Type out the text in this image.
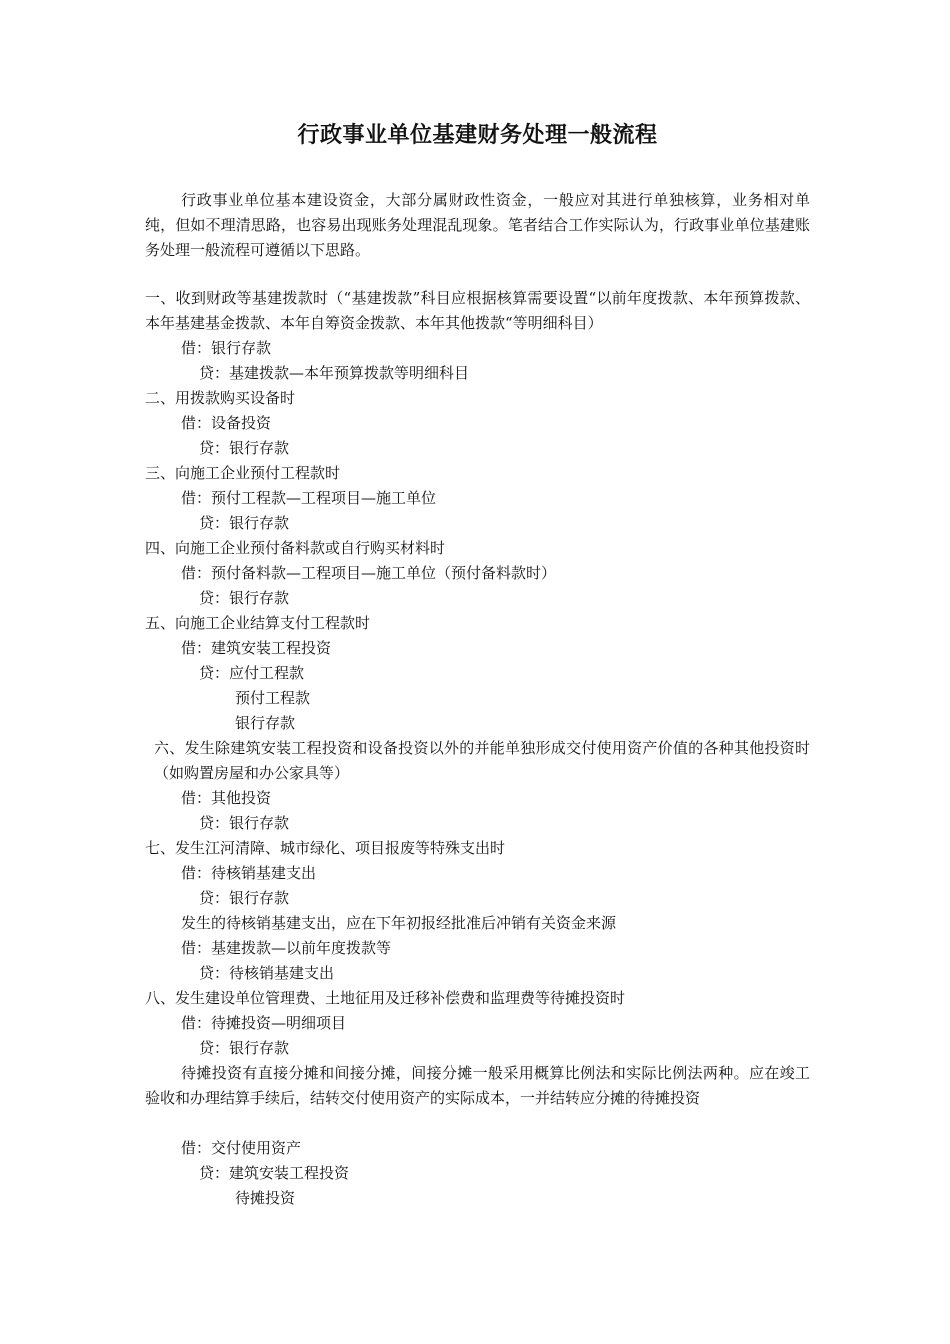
行政事业单位基建财务处理一般流程
行政事业单位基本建设资金，大部分属财政性资金，一般应对其进行单独核算，业务相对单纯，但如不理清思路，也容易出现账务处理混乱现象。笔者结合工作实际认为，行政事业单位基建账务处理一般流程可遵循以下思路。
一、收到财政等基建拨款时（“基建拨款”科目应根据核算需要设置“以前年度拨款、本年预算拨款、本年基建基金拨款、本年自筹资金拨款、本年其他拨款“等明细科目）
借：银行存款
贷：基建拨款—本年预算拨款等明细科目
二、用拨款购买设备时
借：设备投资
贷：银行存款
三、向施工企业预付工程款时
借：预付工程款—工程项目—施工单位
贷：银行存款
四、向施工企业预付备料款或自行购买材料时
借：预付备料款—工程项目—施工单位（预付备料款时）
贷：银行存款
五、向施工企业结算支付工程款时
借：建筑安装工程投资
贷：应付工程款
预付工程款
银行存款
六、发生除建筑安装工程投资和设备投资以外的并能单独形成交付使用资产价值的各种其他投资时（如购置房屋和办公家具等）
借：其他投资
贷：银行存款
七、发生江河清障、城市绿化、项目报废等特殊支出时
借：待核销基建支出
贷：银行存款
发生的待核销基建支出，应在下年初报经批准后冲销有关资金来源
借：基建拨款—以前年度拨款等
贷：待核销基建支出
八、发生建设单位管理费、土地征用及迁移补偿费和监理费等待摊投资时
借：待摊投资—明细项目
贷：银行存款
待摊投资有直接分摊和间接分摊，间接分摊一般采用概算比例法和实际比例法两种。应在竣工验收和办理结算手续后，结转交付使用资产的实际成本，一并结转应分摊的待摊投资
借：交付使用资产
贷：建筑安装工程投资
待摊投资
